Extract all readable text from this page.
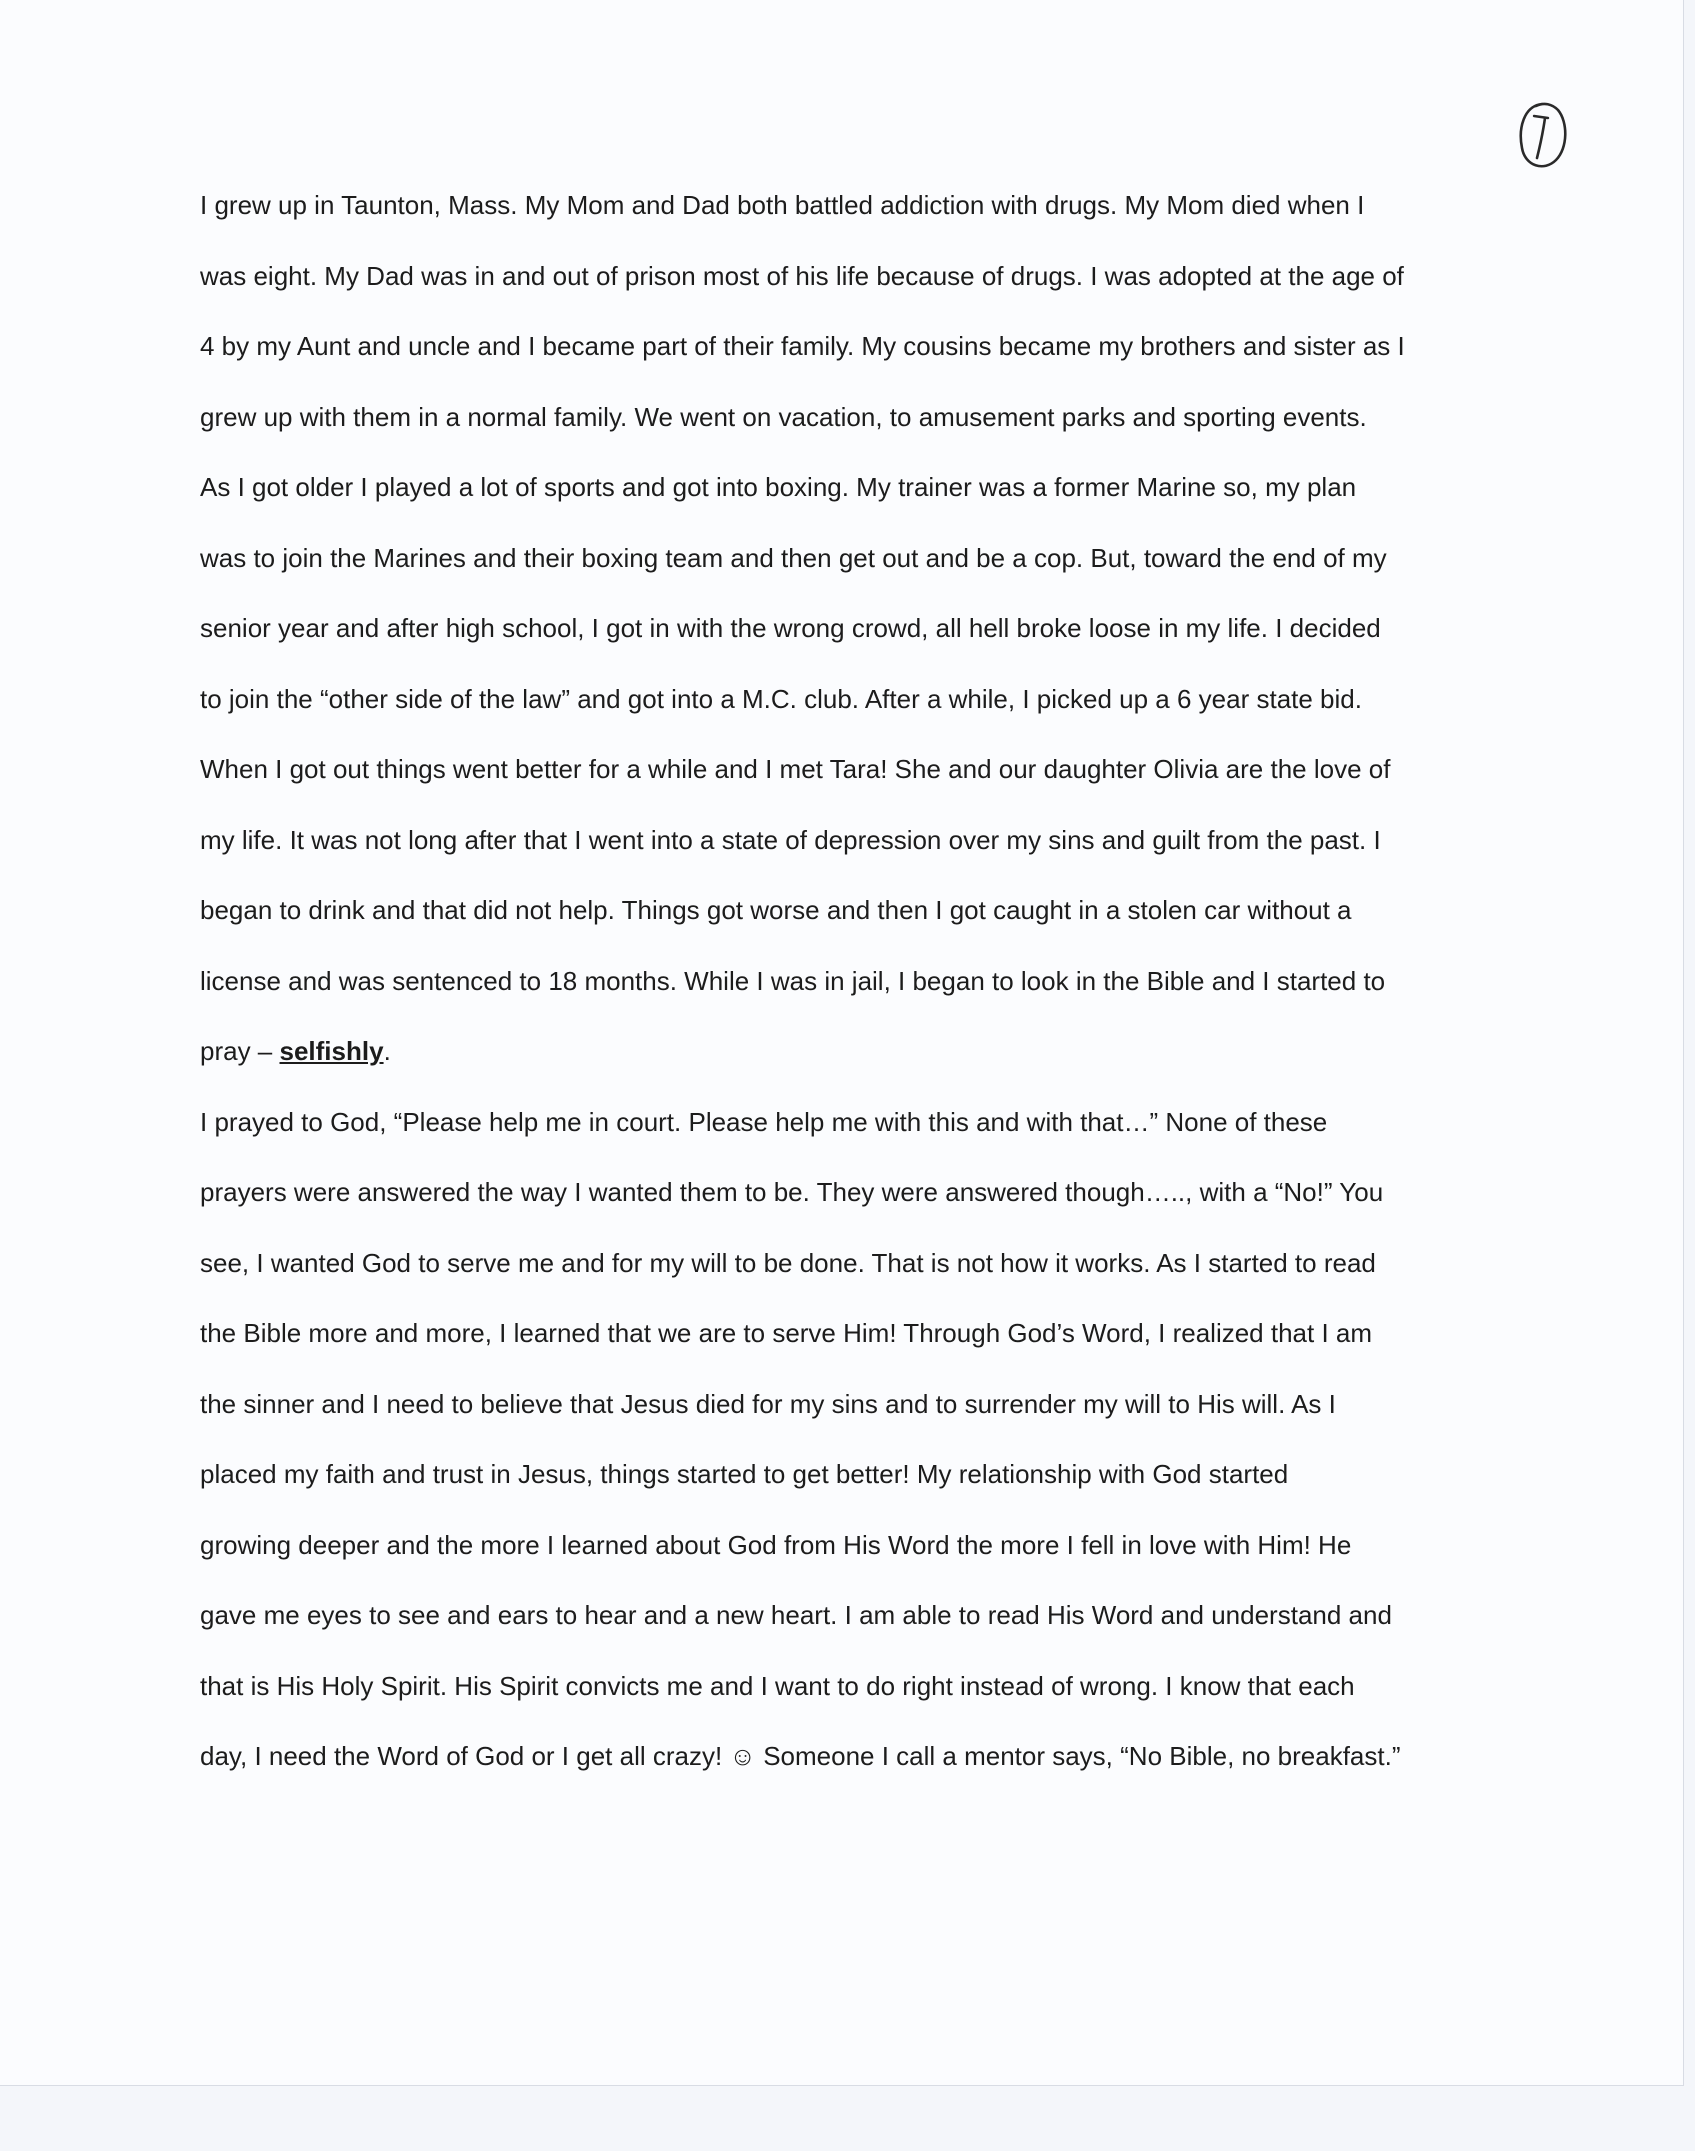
1
I grew up in Taunton, Mass. My Mom and Dad both battled addiction with drugs. My Mom died when I
was eight. My Dad was in and out of prison most of his life because of drugs. I was adopted at the age of
4 by my Aunt and uncle and I became part of their family. My cousins became my brothers and sister as I
grew up with them in a normal family. We went on vacation, to amusement parks and sporting events.
As I got older I played a lot of sports and got into boxing. My trainer was a former Marine so, my plan
was to join the Marines and their boxing team and then get out and be a cop. But, toward the end of my
senior year and after high school, I got in with the wrong crowd, all hell broke loose in my life. I decided
to join the “other side of the law” and got into a M.C. club. After a while, I picked up a 6 year state bid.
When I got out things went better for a while and I met Tara! She and our daughter Olivia are the love of
my life. It was not long after that I went into a state of depression over my sins and guilt from the past. I
began to drink and that did not help. Things got worse and then I got caught in a stolen car without a
license and was sentenced to 18 months. While I was in jail, I began to look in the Bible and I started to
pray – selfishly.
I prayed to God, “Please help me in court. Please help me with this and with that…” None of these
prayers were answered the way I wanted them to be. They were answered though….., with a “No!” You
see, I wanted God to serve me and for my will to be done. That is not how it works. As I started to read
the Bible more and more, I learned that we are to serve Him! Through God’s Word, I realized that I am
the sinner and I need to believe that Jesus died for my sins and to surrender my will to His will. As I
placed my faith and trust in Jesus, things started to get better! My relationship with God started
growing deeper and the more I learned about God from His Word the more I fell in love with Him! He
gave me eyes to see and ears to hear and a new heart. I am able to read His Word and understand and
that is His Holy Spirit. His Spirit convicts me and I want to do right instead of wrong. I know that each
day, I need the Word of God or I get all crazy! ☺ Someone I call a mentor says, “No Bible, no breakfast.”
